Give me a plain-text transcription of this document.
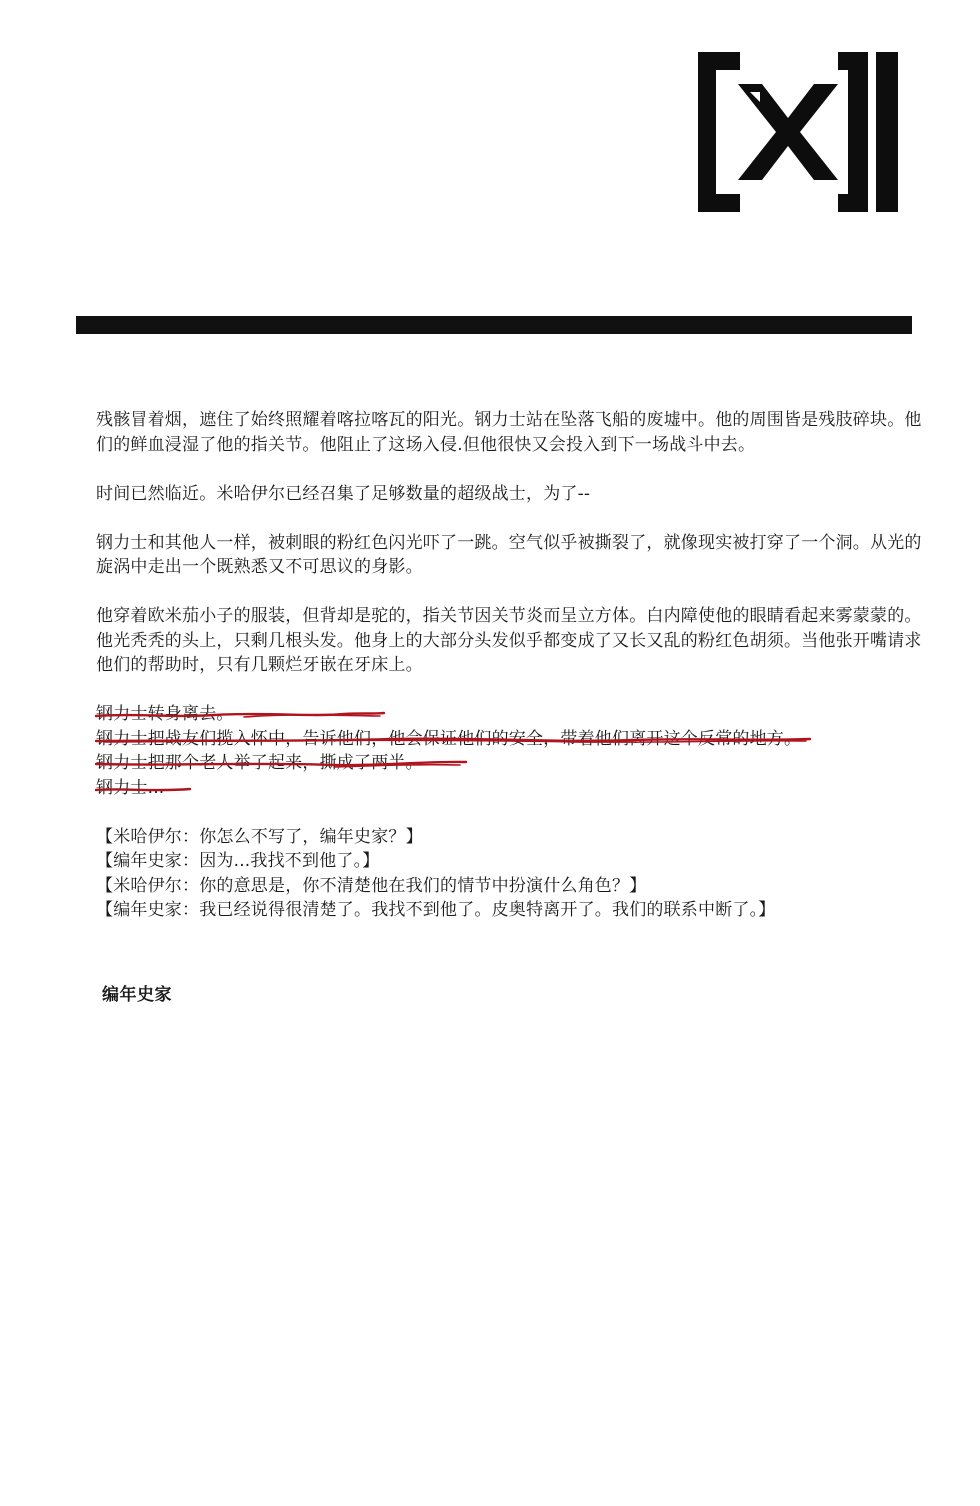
残骸冒着烟，遮住了始终照耀着喀拉喀瓦的阳光。钢力士站在坠落飞船的废墟中。他的周围皆是残肢碎块。他们的鲜血浸湿了他的指关节。他阻止了这场入侵.但他很快又会投入到下一场战斗中去。

时间已然临近。米哈伊尔已经召集了足够数量的超级战士，为了--

钢力士和其他人一样，被刺眼的粉红色闪光吓了一跳。空气似乎被撕裂了，就像现实被打穿了一个洞。从光的旋涡中走出一个既熟悉又不可思议的身影。

他穿着欧米茄小子的服装，但背却是驼的，指关节因关节炎而呈立方体。白内障使他的眼睛看起来雾蒙蒙的。他光秃秃的头上，只剩几根头发。他身上的大部分头发似乎都变成了又长又乱的粉红色胡须。当他张开嘴请求他们的帮助时，只有几颗烂牙嵌在牙床上。

钢力士转身离去。
钢力士把战友们揽入怀中，告诉他们，他会保证他们的安全，带着他们离开这个反常的地方。
钢力士把那个老人举了起来，撕成了两半。
钢力士...
【米哈伊尔：你怎么不写了，编年史家？】
【编年史家：因为...我找不到他了。】
【米哈伊尔：你的意思是，你不清楚他在我们的情节中扮演什么角色？】
【编年史家：我已经说得很清楚了。我找不到他了。皮奥特离开了。我们的联系中断了。】
编年史家
